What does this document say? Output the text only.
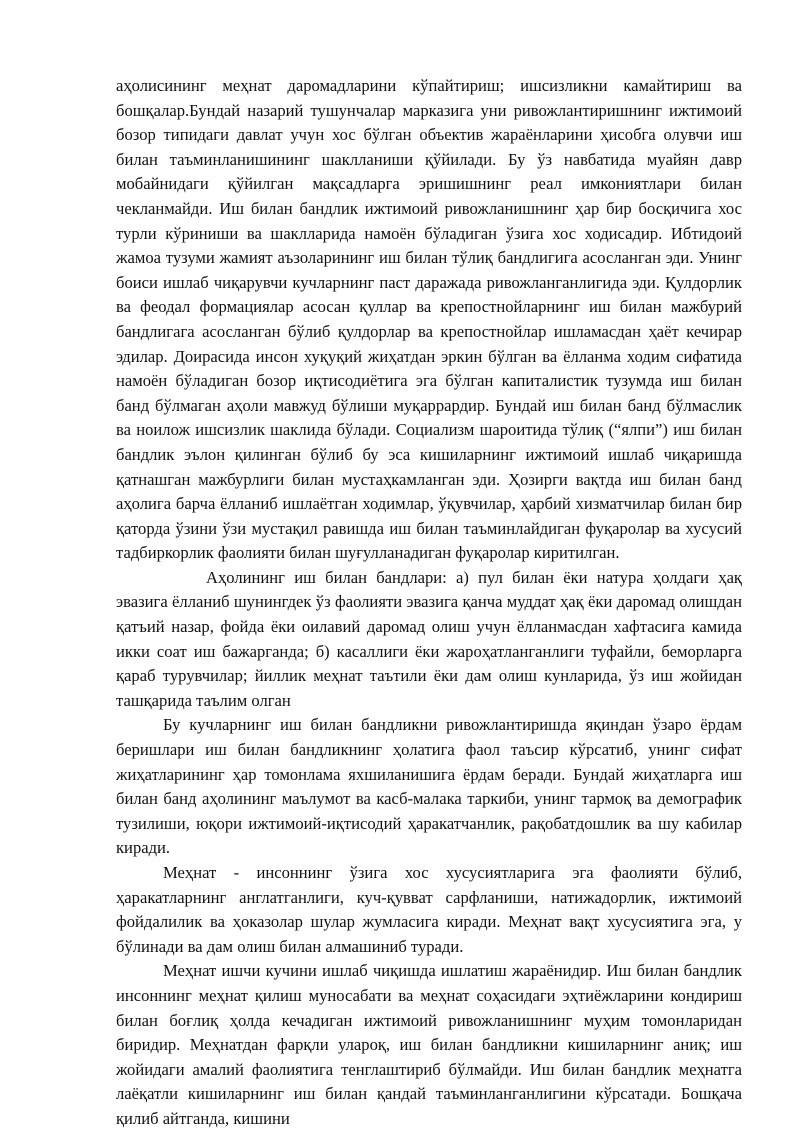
аҳолисининг меҳнат даромадларини кўпайтириш; ишсизликни камайтириш ва бошқалар.Бундай назарий тушунчалар марказига уни ривожлантиришнинг ижтимоий бозор типидаги давлат учун хос бўлган объектив жараёнларини ҳисобга олувчи иш билан таъминланишининг шаклланиши қўйилади. Бу ўз навбатида муайян давр мобайнидаги қўйилган мақсадларга эришишнинг реал имкониятлари билан чекланмайди. Иш билан бандлик ижтимоий ривожланишнинг ҳар бир босқичига хос турли кўриниши ва шаклларида намоён бўладиган ўзига хос ходисадир. Ибтидоий жамоа тузуми жамият аъзоларининг иш билан тўлиқ бандлигига асосланган эди. Унинг боиси ишлаб чиқарувчи кучларнинг паст даражада ривожланганлигида эди. Қулдорлик ва феодал формациялар асосан қуллар ва крепостнойларнинг иш билан мажбурий бандлигага асосланган бўлиб қулдорлар ва крепостнойлар ишламасдан ҳаёт кечирар эдилар. Доирасида инсон хуқуқий жиҳатдан эркин бўлган ва ёлланма ходим сифатида намоён бўладиган бозор иқтисодиётига эга бўлган капиталистик тузумда иш билан банд бўлмаган аҳоли мавжуд бўлиши муқаррардир. Бундай иш билан банд бўлмаслик ва ноилож ишсизлик шаклида бўлади. Социализм шароитида тўлиқ (“ялпи”) иш билан бандлик эълон қилинган бўлиб бу эса кишиларнинг ижтимоий ишлаб чиқаришда қатнашган мажбурлиги билан мустаҳкамланган эди. Ҳозирги вақтда иш билан банд аҳолига барча ёлланиб ишлаётган ходимлар, ўқувчилар, ҳарбий хизматчилар билан бир қаторда ўзини ўзи мустақил равишда иш билан таъминлайдиган фуқаролар ва хусусий тадбиркорлик фаолияти билан шуғулланадиган фуқаролар киритилган.

Аҳолининг иш билан бандлари: а) пул билан ёки натура ҳолдаги ҳақ эвазига ёлланиб шунингдек ўз фаолияти эвазига қанча муддат ҳақ ёки даромад олишдан қатъий назар, фойда ёки оилавий даромад олиш учун ёлланмасдан хафтасига камида икки соат иш бажарганда; б) касаллиги ёки жароҳатланганлиги туфайли, беморларга қараб турувчилар; йиллик меҳнат таътили ёки дам олиш кунларида, ўз иш жойидан ташқарида таълим олган

Бу кучларнинг иш билан бандликни ривожлантиришда яқиндан ўзаро ёрдам беришлари иш билан бандликнинг ҳолатига фаол таъсир кўрсатиб, унинг сифат жиҳатларининг ҳар томонлама яхшиланишига ёрдам беради. Бундай жиҳатларга иш билан банд аҳолининг маълумот ва касб-малака таркиби, унинг тармоқ ва демографик тузилиши, юқори ижтимоий-иқтисодий ҳаракатчанлик, рақобатдошлик ва шу кабилар киради.

Меҳнат - инсоннинг ўзига хос хусусиятларига эга фаолияти бўлиб, ҳаракатларнинг англатганлиги, куч-қувват сарфланиши, натижадорлик, ижтимоий фойдалилик ва ҳоказолар шулар жумласига киради. Меҳнат вақт хусусиятига эга, у бўлинади ва дам олиш билан алмашиниб туради.

Меҳнат ишчи кучини ишлаб чиқишда ишлатиш жараёнидир. Иш билан бандлик инсоннинг меҳнат қилиш муносабати ва меҳнат соҳасидаги эҳтиёжларини кондириш билан боғлиқ ҳолда кечадиган ижтимоий ривожланишнинг муҳим томонларидан биридир. Меҳнатдан фарқли уларoқ, иш билан бандликни кишиларнинг аниқ; иш жойидаги амалий фаолиятига тенглаштириб бўлмайди. Иш билан бандлик меҳнатга лаёқатли кишиларнинг иш билан қандай таъминланганлигини кўрсатади. Бошқача қилиб айтганда, кишини
